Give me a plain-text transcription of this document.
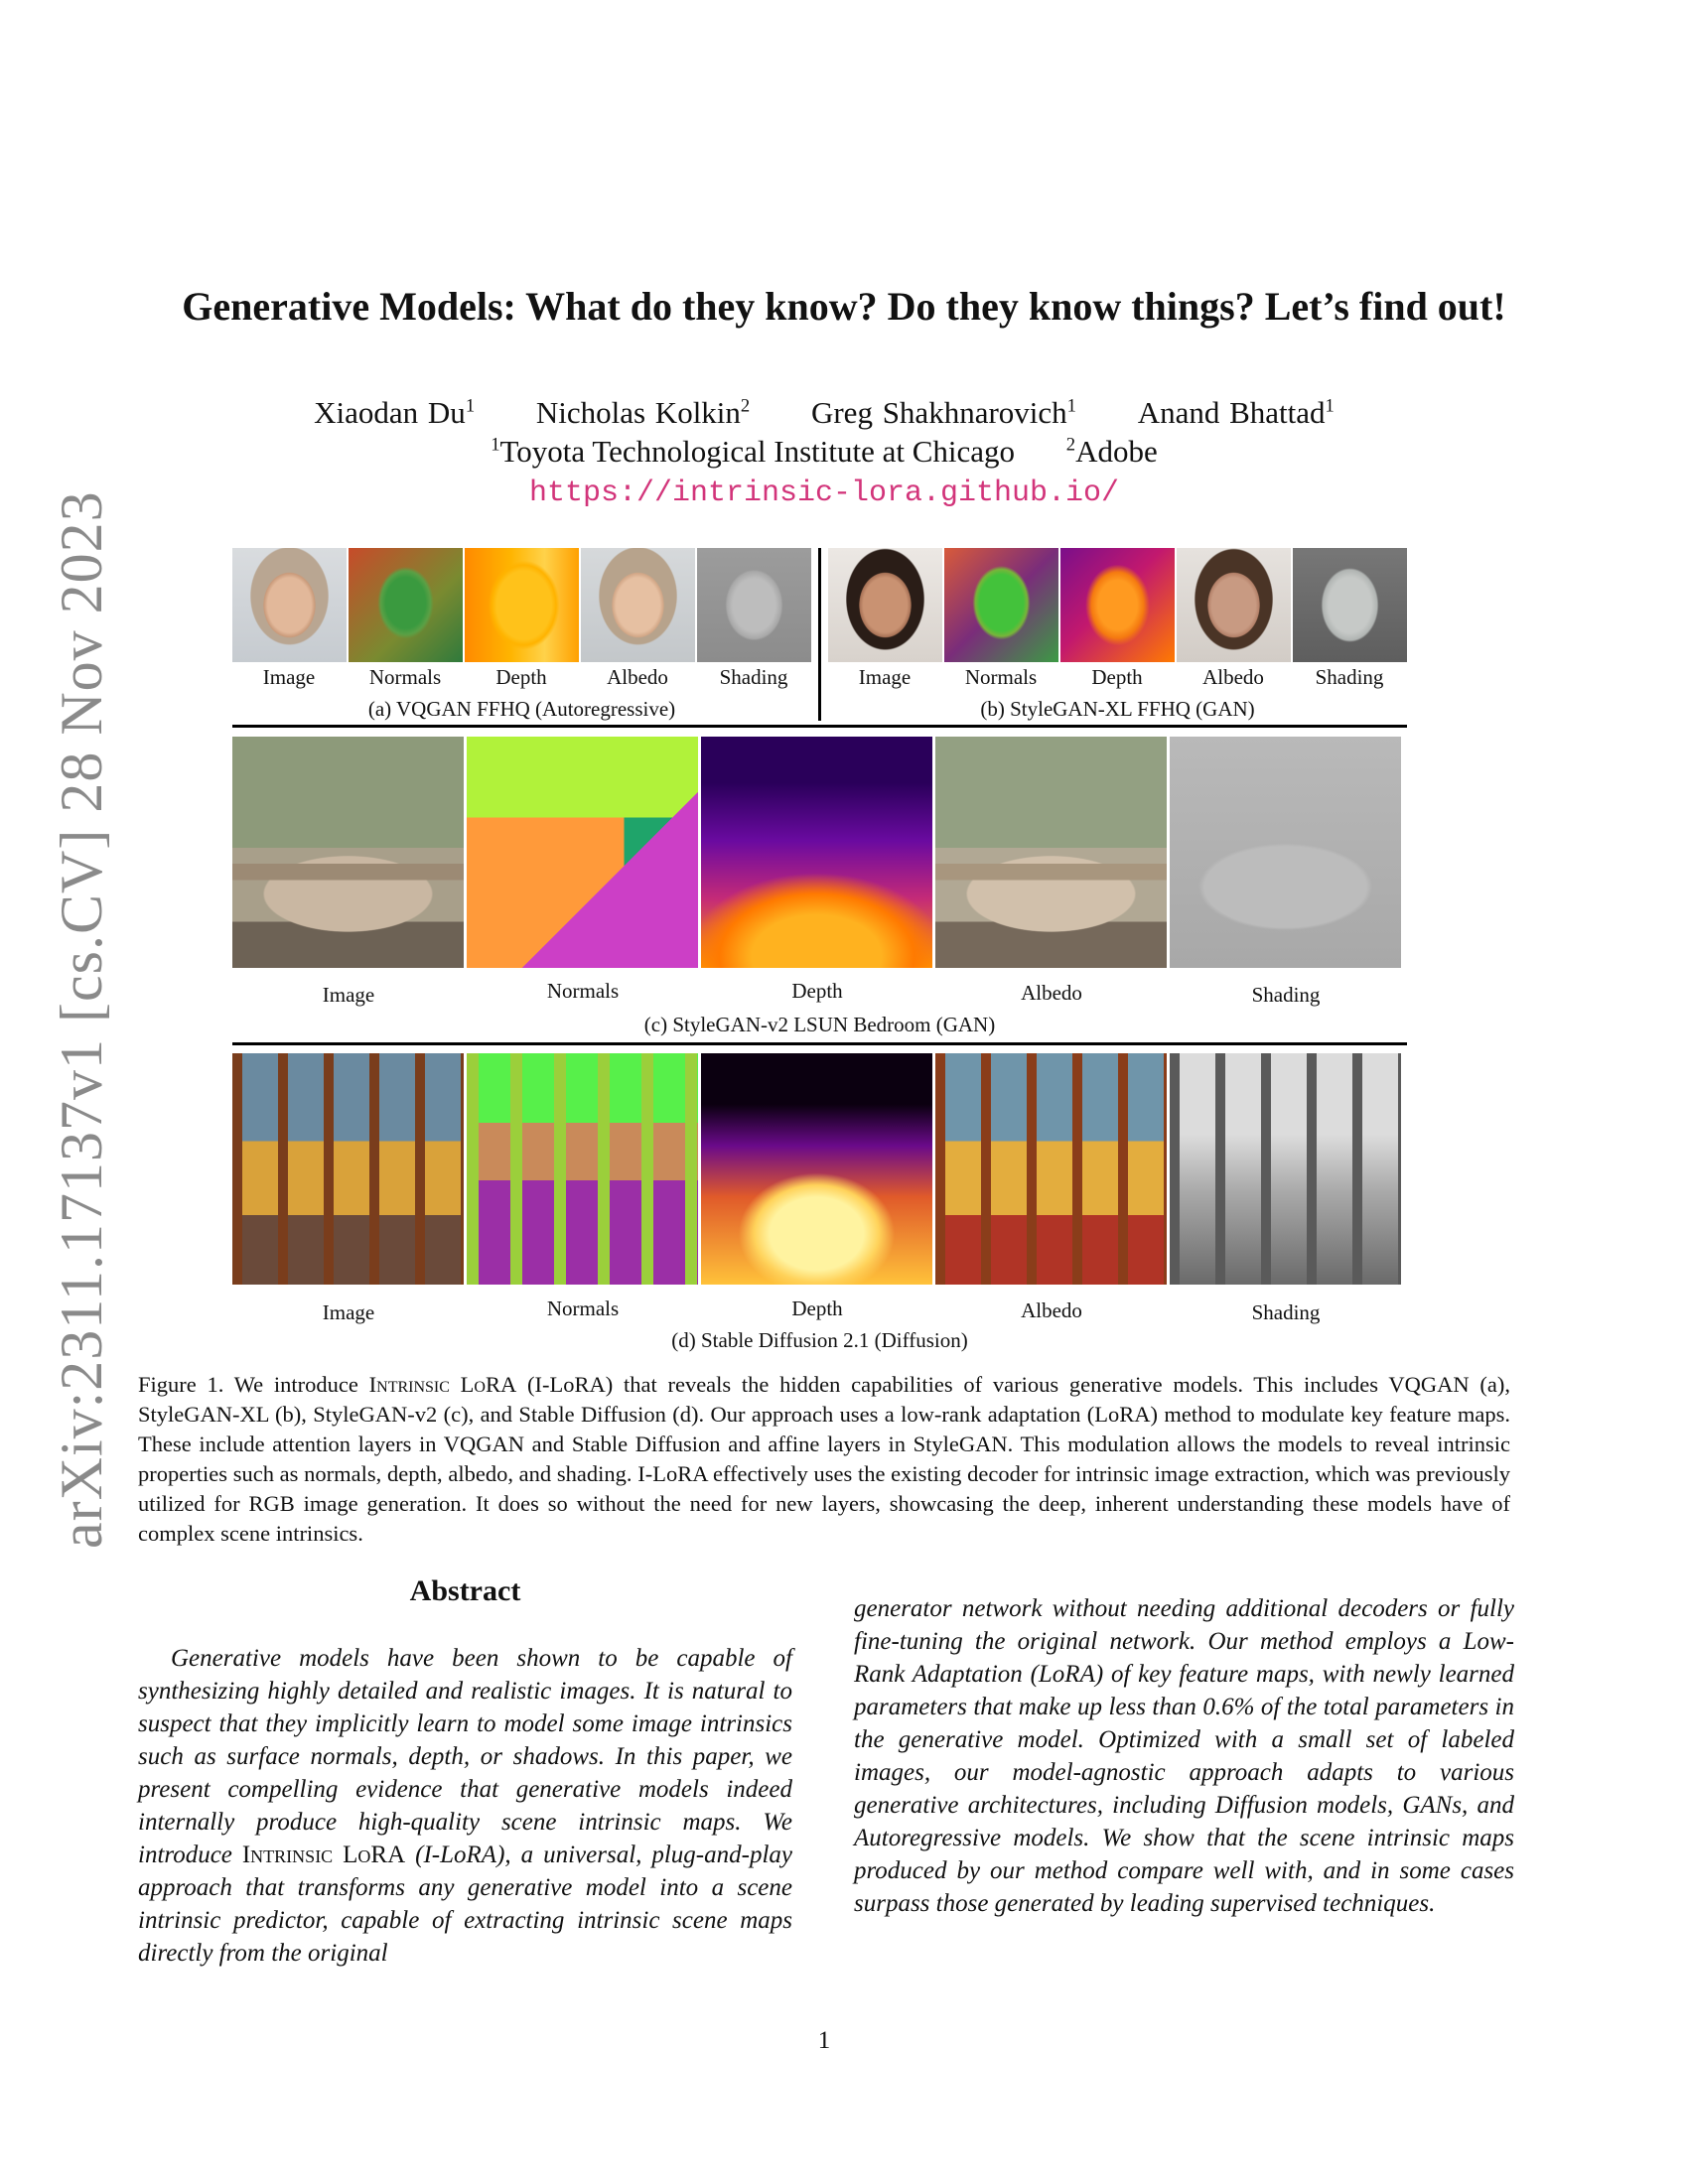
arXiv:2311.17137v1 [cs.CV] 28 Nov 2023
Generative Models: What do they know? Do they know things? Let’s find out!
Xiaodan Du$^1$ Nicholas Kolkin$^2$ Greg Shakhnarovich$^1$ Anand Bhattad$^1$
$^1$Toyota Technological Institute at Chicago	$^2$Adobe
https://intrinsic-lora.github.io/
Image	Normals	Depth	Albedo	Shading
(a) VQGAN FFHQ (Autoregressive)
Image	Normals	Depth	Albedo	Shading
(b) StyleGAN-XL FFHQ (GAN)
Image	Normals	Depth	Albedo	Shading
(c) StyleGAN-v2 LSUN Bedroom (GAN)
Image	Normals	Depth	Albedo	Shading
(d) Stable Diffusion 2.1 (Diffusion)
Figure 1. We introduce Intrinsic LoRA (I-LoRA) that reveals the hidden capabilities of various generative models. This includes VQGAN (a), StyleGAN-XL (b), StyleGAN-v2 (c), and Stable Diffusion (d). Our approach uses a low-rank adaptation (LoRA) method to modulate key feature maps. These include attention layers in VQGAN and Stable Diffusion and affine layers in StyleGAN. This modulation allows the models to reveal intrinsic properties such as normals, depth, albedo, and shading. I-LoRA effectively uses the existing decoder for intrinsic image extraction, which was previously utilized for RGB image generation. It does so without the need for new layers, showcasing the deep, inherent understanding these models have of complex scene intrinsics.
Abstract
Generative models have been shown to be capable of synthesizing highly detailed and realistic images. It is natural to suspect that they implicitly learn to model some image intrinsics such as surface normals, depth, or shadows. In this paper, we present compelling evidence that generative models indeed internally produce high-quality scene intrinsic maps. We introduce Intrinsic LoRA (I-LoRA), a universal, plug-and-play approach that transforms any generative model into a scene intrinsic predictor, capable of extracting intrinsic scene maps directly from the original
generator network without needing additional decoders or fully fine-tuning the original network. Our method employs a Low-Rank Adaptation (LoRA) of key feature maps, with newly learned parameters that make up less than 0.6% of the total parameters in the generative model. Optimized with a small set of labeled images, our model-agnostic approach adapts to various generative architectures, including Diffusion models, GANs, and Autoregressive models. We show that the scene intrinsic maps produced by our method compare well with, and in some cases surpass those generated by leading supervised techniques.
1
